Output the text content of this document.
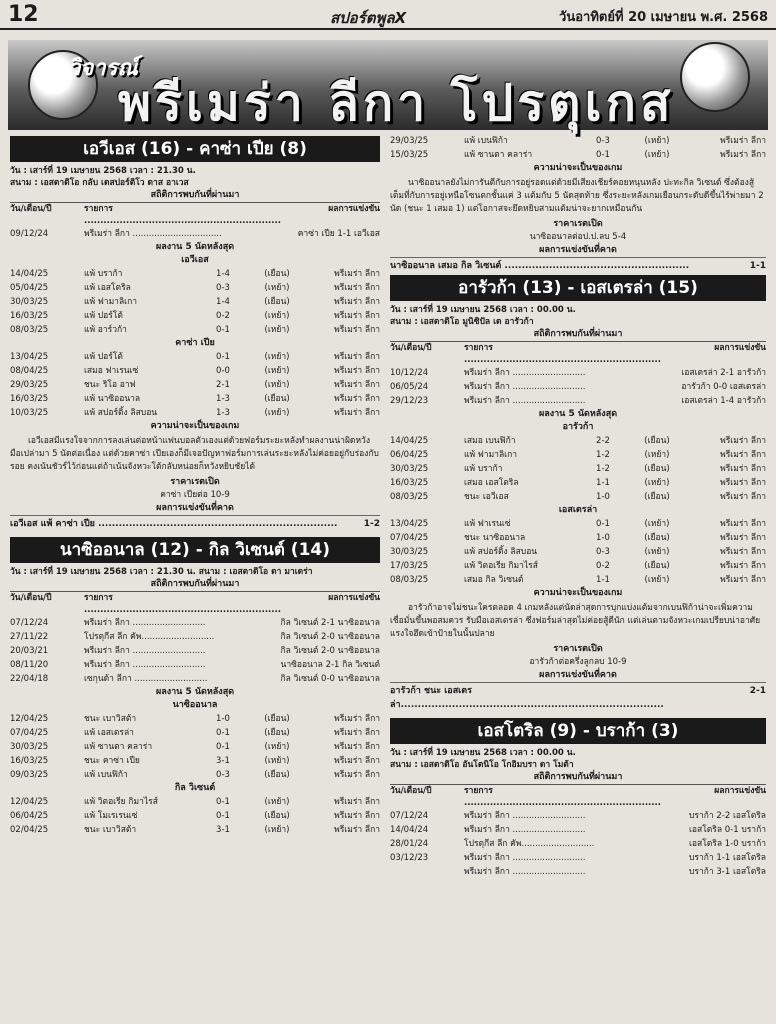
12	สปอร์ตพูลX	วันอาทิตย์ที่ 20 เมษายน พ.ศ. 2568
วิจารณ์
พรีเมร่า ลีกา โปรตุเกส
เอวีเอส (16) - คาซ่า เปีย (8)
วัน : เสาร์ที่ 19 เมษายน 2568 เวลา : 21.30 น.
สนาม : เอสตาดิโอ กลับ เดสปอร์ติโว ดาส อาเวส
สถิติการพบกันที่ผ่านมา
วัน/เดือน/ปี	รายการ .............................................................
ผลการแข่งขัน
09/12/24	พรีเมร่า ลีกา .................................	คาซ่า เปีย 1-1 เอวีเอส
ผลงาน 5 นัดหลังสุด
เอวีเอส
14/04/25	แพ้ บราก้า	1-4	(เยือน)	พรีเมร่า ลีกา
05/04/25	แพ้ เอสโตริล	0-3	(เหย้า)	พรีเมร่า ลีกา
30/03/25	แพ้ ฟามาลิเกา	1-4	(เยือน)	พรีเมร่า ลีกา
16/03/25	แพ้ ปอร์โต้	0-2	(เหย้า)	พรีเมร่า ลีกา
08/03/25	แพ้ อาร์วก้า	0-1	(เหย้า)	พรีเมร่า ลีกา
คาซ่า เปีย
13/04/25	แพ้ ปอร์โต้	0-1	(เหย้า)	พรีเมร่า ลีกา
08/04/25	เสมอ ฟาเรนเซ่	0-0	(เหย้า)	พรีเมร่า ลีกา
29/03/25	ชนะ ริโอ อาฟ	2-1	(เหย้า)	พรีเมร่า ลีกา
16/03/25	แพ้ นาซิออนาล	1-3	(เยือน)	พรีเมร่า ลีกา
10/03/25	แพ้ สปอร์ติ้ง ลิสบอน	1-3	(เหย้า)	พรีเมร่า ลีกา
ความน่าจะเป็นของเกม
เอวีเอสมีแรงใจจากการลงเล่นต่อหน้าแฟนบอลตัวเองแต่ด้วยฟอร์มระยะหลังทำผลงานน่าผิดหวังมือเปล่ามา 5 นัดต่อเนื่อง แต่ด้วยคาซ่า เปียเองก็มีเจอปัญหาฟอร์มการเล่นระยะหลังไม่ค่อยอยู่กับร่องกับรอย คงเน้นชัวร์ไว้ก่อนแต่ถ้าเน้นจังหวะโต้กลับหน่อยก็หวังหยิบชัยได้
ราคาเรตเปิด
คาซ่า เปียต่อ 10-9
ผลการแข่งขันที่คาด
เอวีเอส แพ้ คาซ่า เปีย ......................................................................	1-2
นาซิออนาล (12) - กิล วิเซนต์ (14)
วัน : เสาร์ที่ 19 เมษายน 2568 เวลา : 21.30 น. สนาม : เอสตาดิโอ ดา มาเดร่า
สถิติการพบกันที่ผ่านมา
วัน/เดือน/ปี	รายการ .............................................................
ผลการแข่งขัน
07/12/24	พรีเมร่า ลีกา ...........................	กิล วิเซนต์ 2-1 นาซิออนาล
27/11/22	โปรตุกีส ลีก คัพ...........................	กิล วิเซนต์ 2-0 นาซิออนาล
20/03/21	พรีเมร่า ลีกา ...........................	กิล วิเซนต์ 2-0 นาซิออนาล
08/11/20	พรีเมร่า ลีกา ...........................	นาซิออนาล 2-1 กิล วิเซนต์
22/04/18	เซกุนด้า ลีกา ...........................	กิล วิเซนต์ 0-0 นาซิออนาล
ผลงาน 5 นัดหลังสุด
นาซิออนาล
12/04/25	ชนะ เบาวิสต้า	1-0	(เยือน)	พรีเมร่า ลีกา
07/04/25	แพ้ เอสเตรล่า	0-1	(เยือน)	พรีเมร่า ลีกา
30/03/25	แพ้ ซานตา คลาร่า	0-1	(เหย้า)	พรีเมร่า ลีกา
16/03/25	ชนะ คาซ่า เปีย	3-1	(เหย้า)	พรีเมร่า ลีกา
09/03/25	แพ้ เบนฟิก้า	0-3	(เยือน)	พรีเมร่า ลีกา
กิล วิเซนต์
12/04/25	แพ้ วิตอเรีย กิมาไรส์	0-1	(เหย้า)	พรีเมร่า ลีกา
06/04/25	แพ้ โมเรเรนเซ่	0-1	(เยือน)	พรีเมร่า ลีกา
02/04/25	ชนะ เบาวิสต้า	3-1	(เหย้า)	พรีเมร่า ลีกา
29/03/25	แพ้ เบนฟิก้า	0-3	(เหย้า)	พรีเมร่า ลีกา
15/03/25	แพ้ ซานตา คลาร่า	0-1	(เหย้า)	พรีเมร่า ลีกา
ความน่าจะเป็นของเกม
นาซิออนาลยังไม่การันตีกับการอยู่รอดแต่ด้วยมีเสียงเชียร์คอยหนุนหลัง ปะทะกิล วิเซนต์ ซึ่งต้องสู้เต็มที่กับการอยู่เหนือโซนตกชั้นแค่ 3 แต้มกับ 5 นัดสุดท้าย ซึ่งระยะหลังเกมเยือนกระดับดีขึ้นไร้พ่ายมา 2 นัด (ชนะ 1 เสมอ 1) แต่โอกาสจะยึดหยิบสามแต้มน่าจะยากเหมือนกัน
ราคาเรตเปิด
นาซิออนาลต่อป.ป.ลบ 5-4
ผลการแข่งขันที่คาด
นาซิออนาล เสมอ กิล วิเซนต์ ......................................................	1-1
อารัวก้า (13) - เอสเตรล่า (15)
วัน : เสาร์ที่ 19 เมษายน 2568 เวลา : 00.00 น.
สนาม : เอสตาดิโอ มูนิซิปัล เด อารัวก้า
สถิติการพบกันที่ผ่านมา
วัน/เดือน/ปี	รายการ .............................................................
ผลการแข่งขัน
10/12/24	พรีเมร่า ลีกา ...........................	เอสเตรล่า 2-1 อารัวก้า
06/05/24	พรีเมร่า ลีกา ...........................	อารัวก้า 0-0 เอสเตรล่า
29/12/23	พรีเมร่า ลีกา ...........................	เอสเตรล่า 1-4 อารัวก้า
ผลงาน 5 นัดหลังสุด
อารัวก้า
14/04/25	เสมอ เบนฟิก้า	2-2	(เยือน)	พรีเมร่า ลีกา
06/04/25	แพ้ ฟามาลิเกา	1-2	(เหย้า)	พรีเมร่า ลีกา
30/03/25	แพ้ บราก้า	1-2	(เยือน)	พรีเมร่า ลีกา
16/03/25	เสมอ เอสโตริล	1-1	(เหย้า)	พรีเมร่า ลีกา
08/03/25	ชนะ เอวีเอส	1-0	(เยือน)	พรีเมร่า ลีกา
เอสเตรล่า
13/04/25	แพ้ ฟาเรนเซ่	0-1	(เหย้า)	พรีเมร่า ลีกา
07/04/25	ชนะ นาซิออนาล	1-0	(เยือน)	พรีเมร่า ลีกา
30/03/25	แพ้ สปอร์ติ้ง ลิสบอน	0-3	(เหย้า)	พรีเมร่า ลีกา
17/03/25	แพ้ วิตอเรีย กิมาไรส์	0-2	(เยือน)	พรีเมร่า ลีกา
08/03/25	เสมอ กิล วิเซนต์	1-1	(เหย้า)	พรีเมร่า ลีกา
ความน่าจะเป็นของเกม
อารัวก้าอาจไม่ชนะใครตลอด 4 เกมหลังแต่นัดล่าสุดการบุกแบ่งแต้มจากเบนฟิก้าน่าจะเพิ่มความเชื่อมั่นขึ้นพอสมควร รับมือเอสเตรล่า ซึ่งฟอร์มล่าสุดไม่ค่อยสู้ดีนัก แต่เล่นตามจังหวะเกมเปรียบน่าอาศัยแรงใจฮึดเข้าป้ายในนั้นปลาย
ราคาเรตเปิด
อารัวก้าต่อครึ่งลูกลบ 10-9
ผลการแข่งขันที่คาด
อารัวก้า ชนะ เอสเตรล่า.............................................................................
2-1
เอสโตริล (9) - บราก้า (3)
วัน : เสาร์ที่ 19 เมษายน 2568 เวลา : 00.00 น.
สนาม : เอสตาดิโอ อันโตนิโอ โกอิมบรา ดา โมต้า
สถิติการพบกันที่ผ่านมา
วัน/เดือน/ปี	รายการ .............................................................
ผลการแข่งขัน
07/12/24	พรีเมร่า ลีกา ...........................	บราก้า 2-2 เอสโตริล
14/04/24	พรีเมร่า ลีกา ...........................	เอสโตริล 0-1 บราก้า
28/01/24	โปรตุกีส ลีก คัพ...........................	เอสโตริล 1-0 บราก้า
03/12/23	พรีเมร่า ลีกา ...........................	บราก้า 1-1 เอสโตริล
พรีเมร่า ลีกา ...........................	บราก้า 3-1 เอสโตริล
